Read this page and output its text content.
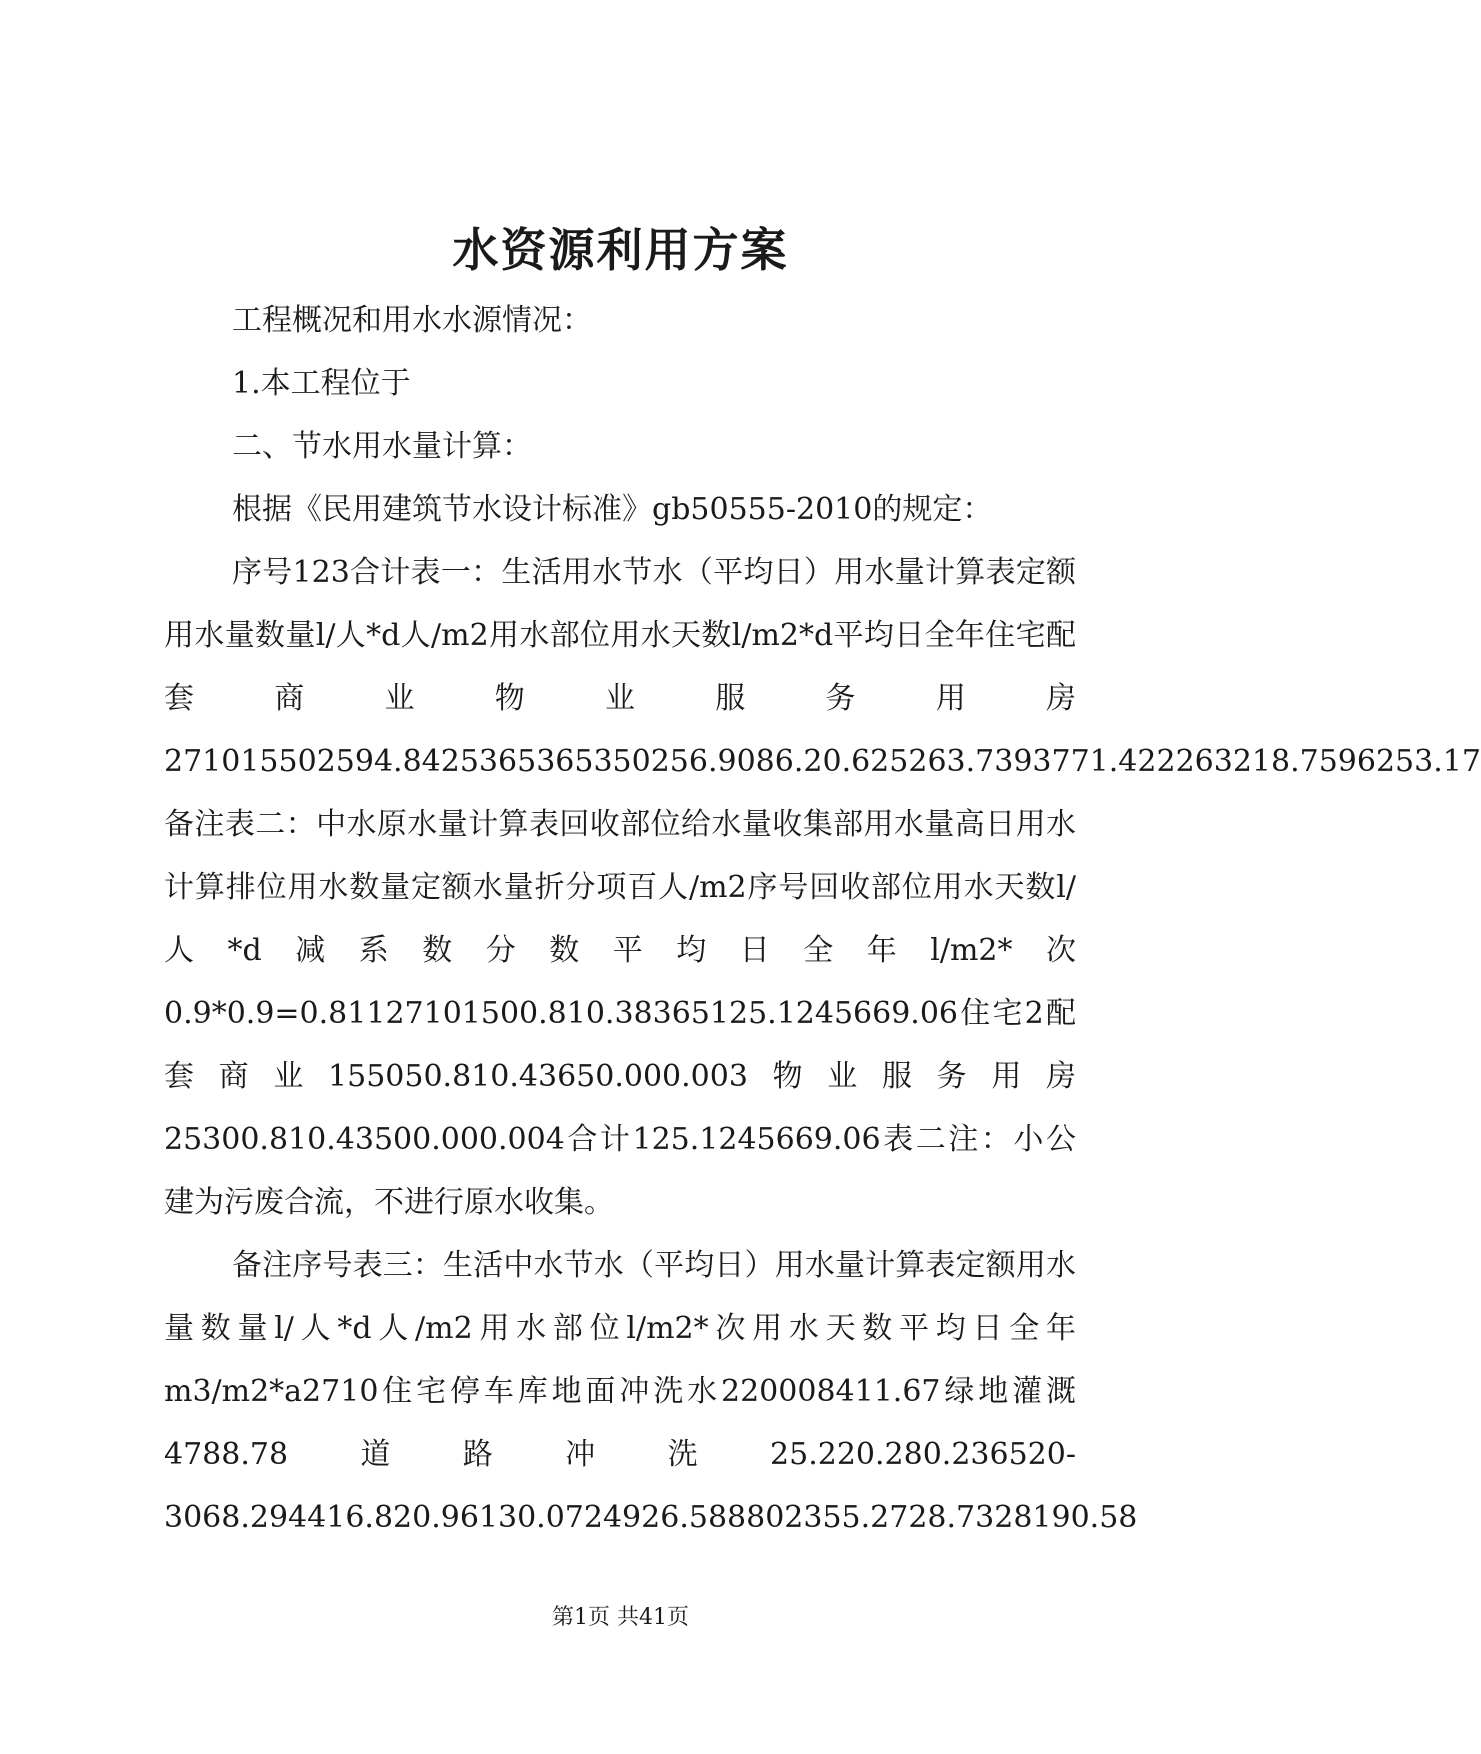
水资源利用方案

工程概况和用水水源情况：

1.本工程位于

二、节水用水量计算：

根据《民用建筑节水设计标准》gb50555-2010的规定：

序号123合计表一：生活用水节水（平均日）用水量计算表定额用水量数量l/人*d人/m2用水部位用水天数l/m2*d平均日全年住宅配套商业物业服务用房271015502594.8425365365350256.9086.20.625263.7393771.422263218.7596253.17备注表二：中水原水量计算表回收部位给水量收集部用水量高日用水计算排位用水数量定额水量折分项百人/m2序号回收部位用水天数l/人*d减系数分数平均日全年l/m2*次0.9*0.9=0.81127101500.810.38365125.1245669.06住宅2配套商业155050.810.43650.000.003物业服务用房25300.810.43500.000.004合计125.1245669.06表二注：小公建为污废合流，不进行原水收集。

备注序号表三：生活中水节水（平均日）用水量计算表定额用水量数量l/人*d人/m2用水部位l/m2*次用水天数平均日全年m3/m2*a2710住宅停车库地面冲洗水220008411.67绿地灌溉4788.78道路冲洗25.220.280.236520-3068.294416.820.96130.0724926.588802355.2728.7328190.58

第1页 共41页
